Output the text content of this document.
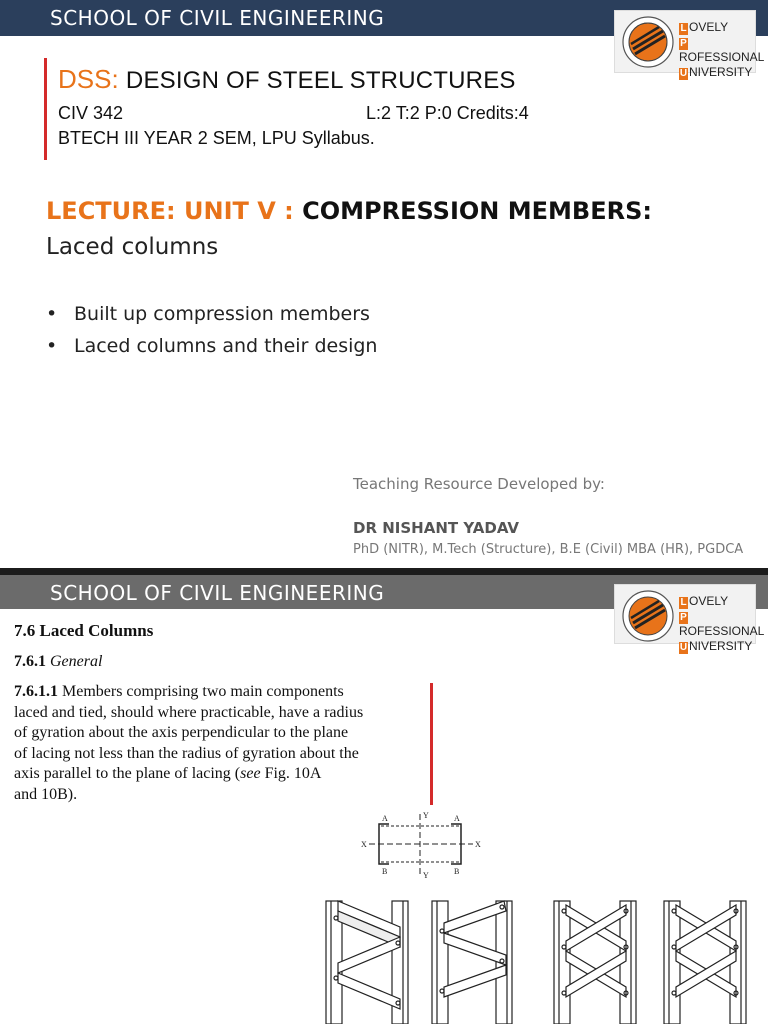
SCHOOL OF CIVIL ENGINEERING	L OVELY
PROFESSIONAL
U NIVERSITY
DSS: DESIGN OF STEEL STRUCTURES
CIV 342	L:2 T:2 P:0 Credits:4
BTECH III YEAR 2 SEM, LPU Syllabus.
LECTURE: UNIT V : COMPRESSION MEMBERS:
Laced columns
• Built up compression members
• Laced columns and their design
Teaching Resource Developed by:
DR NISHANT YADAV
PhD (NITR), M.Tech (Structure), B.E (Civil) MBA (HR), PGDCA
SCHOOL OF CIVIL ENGINEERING	L OVELY
PROFESSIONAL
U NIVERSITY
7.6 Laced Columns
7.6.1 General
7.6.1.1 Members comprising two main components
laced and tied, should where practicable, have a radius
of gyration about the axis perpendicular to the plane
of lacing not less than the radius of gyration about the
axis parallel to the plane of lacing (see Fig. 10A
and 10B).
A	A
B	B
X	X
Y
Y
